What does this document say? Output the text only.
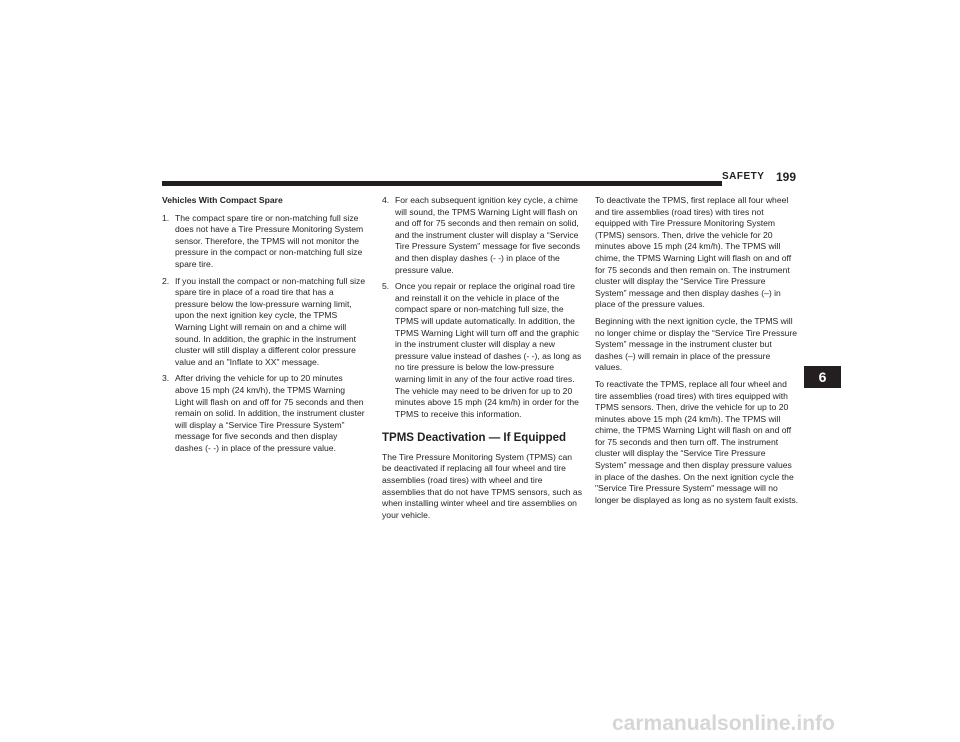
SAFETY 199
6
Vehicles With Compact Spare
1. The compact spare tire or non-matching full size does not have a Tire Pressure Monitoring System sensor. Therefore, the TPMS will not monitor the pressure in the compact or non-matching full size spare tire.
2. If you install the compact or non-matching full size spare tire in place of a road tire that has a pressure below the low-pressure warning limit, upon the next ignition key cycle, the TPMS Warning Light will remain on and a chime will sound. In addition, the graphic in the instrument cluster will still display a different color pressure value and an "Inflate to XX" message.
3. After driving the vehicle for up to 20 minutes above 15 mph (24 km/h), the TPMS Warning Light will flash on and off for 75 seconds and then remain on solid. In addition, the instrument cluster will display a “Service Tire Pressure System” message for five seconds and then display dashes (- -) in place of the pressure value.
4. For each subsequent ignition key cycle, a chime will sound, the TPMS Warning Light will flash on and off for 75 seconds and then remain on solid, and the instrument cluster will display a “Service Tire Pressure System” message for five seconds and then display dashes (- -) in place of the pressure value.
5. Once you repair or replace the original road tire and reinstall it on the vehicle in place of the compact spare or non-matching full size, the TPMS will update automatically. In addition, the TPMS Warning Light will turn off and the graphic in the instrument cluster will display a new pressure value instead of dashes (- -), as long as no tire pressure is below the low-pressure warning limit in any of the four active road tires. The vehicle may need to be driven for up to 20 minutes above 15 mph (24 km/h) in order for the TPMS to receive this information.
TPMS Deactivation — If Equipped

The Tire Pressure Monitoring System (TPMS) can be deactivated if replacing all four wheel and tire assemblies (road tires) with wheel and tire assemblies that do not have TPMS sensors, such as when installing winter wheel and tire assemblies on your vehicle.

To deactivate the TPMS, first replace all four wheel and tire assemblies (road tires) with tires not equipped with Tire Pressure Monitoring System (TPMS) sensors. Then, drive the vehicle for 20 minutes above 15 mph (24 km/h). The TPMS will chime, the TPMS Warning Light will flash on and off for 75 seconds and then remain on. The instrument cluster will display the “Service Tire Pressure System” message and then display dashes (–) in place of the pressure values.

Beginning with the next ignition cycle, the TPMS will no longer chime or display the “Service Tire Pressure System” message in the instrument cluster but dashes (–) will remain in place of the pressure values.

To reactivate the TPMS, replace all four wheel and tire assemblies (road tires) with tires equipped with TPMS sensors. Then, drive the vehicle for up to 20 minutes above 15 mph (24 km/h). The TPMS will chime, the TPMS Warning Light will flash on and off for 75 seconds and then turn off. The instrument cluster will display the “Service Tire Pressure System” message and then display pressure values in place of the dashes. On the next ignition cycle the "Service Tire Pressure System" message will no longer be displayed as long as no system fault exists.

carmanualsonline.info
